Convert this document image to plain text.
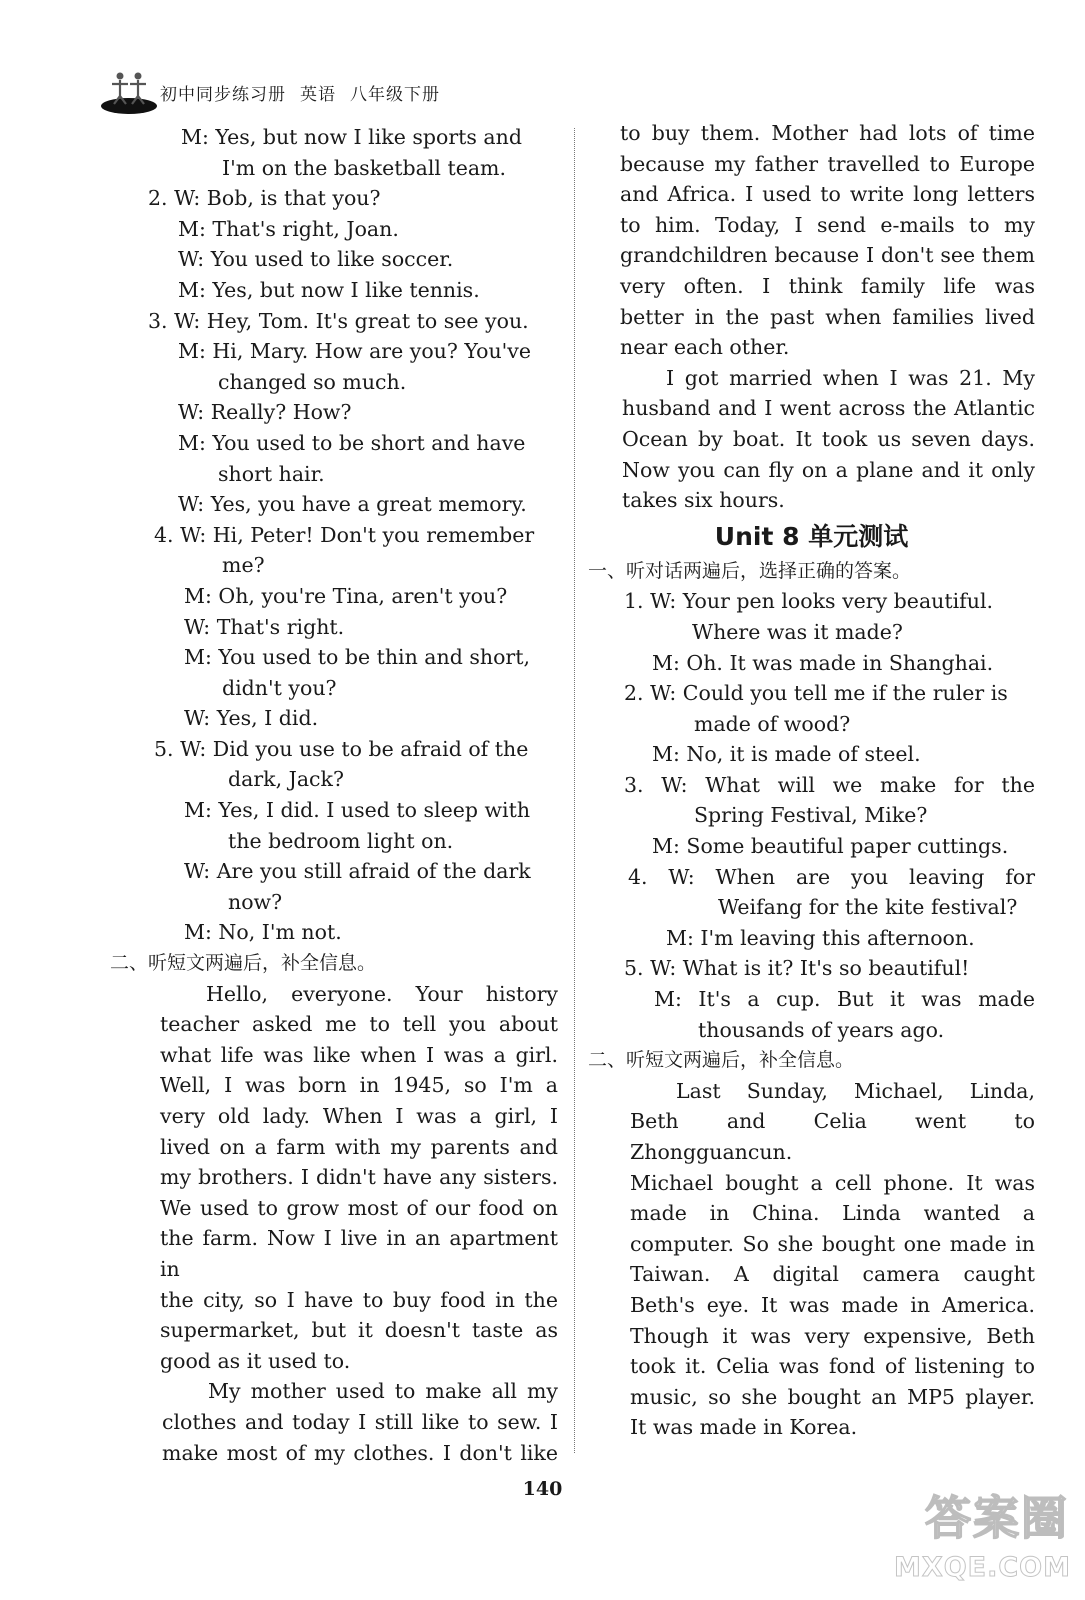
初中同步练习册 英语 八年级下册
M: Yes, but now I like sports and
I'm on the basketball team.
2. W: Bob, is that you?
M: That's right, Joan.
W: You used to like soccer.
M: Yes, but now I like tennis.
3. W: Hey, Tom. It's great to see you.
M: Hi, Mary. How are you? You've
changed so much.
W: Really? How?
M: You used to be short and have
short hair.
W: Yes, you have a great memory.
4. W: Hi, Peter! Don't you remember
me?
M: Oh, you're Tina, aren't you?
W: That's right.
M: You used to be thin and short,
didn't you?
W: Yes, I did.
5. W: Did you use to be afraid of the
dark, Jack?
M: Yes, I did. I used to sleep with
the bedroom light on.
W: Are you still afraid of the dark
now?
M: No, I'm not.
二、听短文两遍后，补全信息。
Hello, everyone. Your history
teacher asked me to tell you about
what life was like when I was a girl.
Well, I was born in 1945, so I'm a
very old lady. When I was a girl, I
lived on a farm with my parents and
my brothers. I didn't have any sisters.
We used to grow most of our food on
the farm. Now I live in an apartment in
the city, so I have to buy food in the
supermarket, but it doesn't taste as
good as it used to.
My mother used to make all my
clothes and today I still like to sew. I
make most of my clothes. I don't like
to buy them. Mother had lots of time
because my father travelled to Europe
and Africa. I used to write long letters
to him. Today, I send e-mails to my
grandchildren because I don't see them
very often. I think family life was
better in the past when families lived
near each other.
I got married when I was 21. My
husband and I went across the Atlantic
Ocean by boat. It took us seven days.
Now you can fly on a plane and it only
takes six hours.
Unit 8 单元测试
一、听对话两遍后，选择正确的答案。
1. W: Your pen looks very beautiful.
Where was it made?
M: Oh. It was made in Shanghai.
2. W: Could you tell me if the ruler is
made of wood?
M: No, it is made of steel.
3. W: What will we make for the
Spring Festival, Mike?
M: Some beautiful paper cuttings.
4. W: When are you leaving for
Weifang for the kite festival?
M: I'm leaving this afternoon.
5. W: What is it? It's so beautiful!
M: It's a cup. But it was made
thousands of years ago.
二、听短文两遍后，补全信息。
Last Sunday, Michael, Linda,
Beth and Celia went to Zhongguancun.
Michael bought a cell phone. It was
made in China. Linda wanted a
computer. So she bought one made in
Taiwan. A digital camera caught
Beth's eye. It was made in America.
Though it was very expensive, Beth
took it. Celia was fond of listening to
music, so she bought an MP5 player.
It was made in Korea.
140
答案圈
MXQE.COM
